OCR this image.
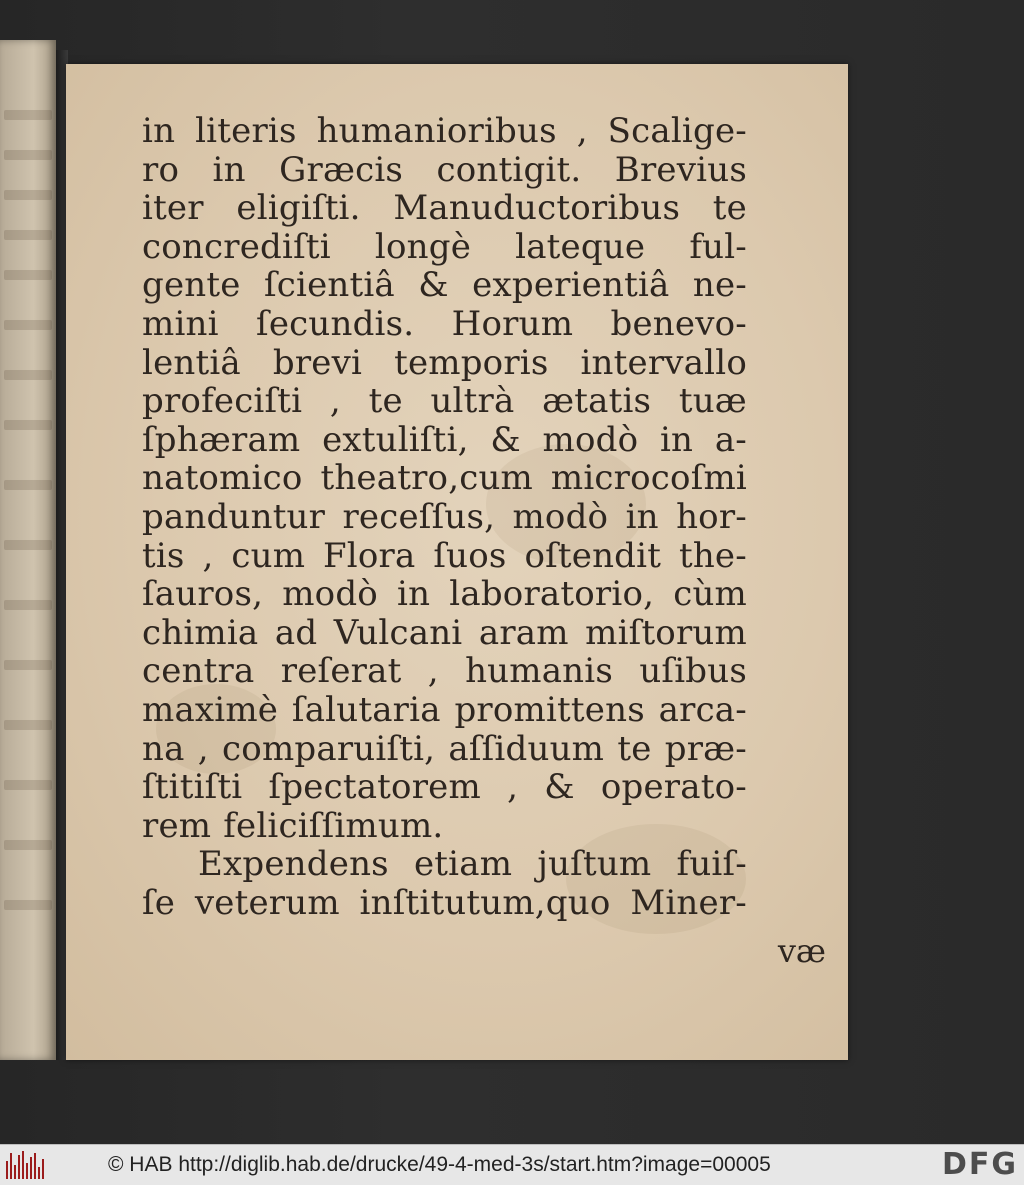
in literis humanioribus , Scalige-
ro in Græcis contigit. Brevius
iter eligiſti. Manuductoribus te
concrediſti longè lateque ful-
gente ſcientiâ & experientiâ ne-
mini ſecundis. Horum benevo-
lentiâ brevi temporis intervallo
profeciſti , te ultrà ætatis tuæ
ſphæram extuliſti, & modò in a-
natomico theatro,cum microcoſmi
panduntur receſſus, modò in hor-
tis , cum Flora ſuos oſtendit the-
ſauros, modò in laboratorio, cùm
chimia ad Vulcani aram miſtorum
centra reſerat , humanis uſibus
maximè ſalutaria promittens arca-
na , comparuiſti, aſſiduum te præ-
ſtitiſti ſpectatorem , & operato-
rem feliciſſimum.
Expendens etiam juſtum fuiſ-
ſe veterum inſtitutum,quo Miner-
væ
© HAB http://diglib.hab.de/drucke/49-4-med-3s/start.htm?image=00005	DFG
